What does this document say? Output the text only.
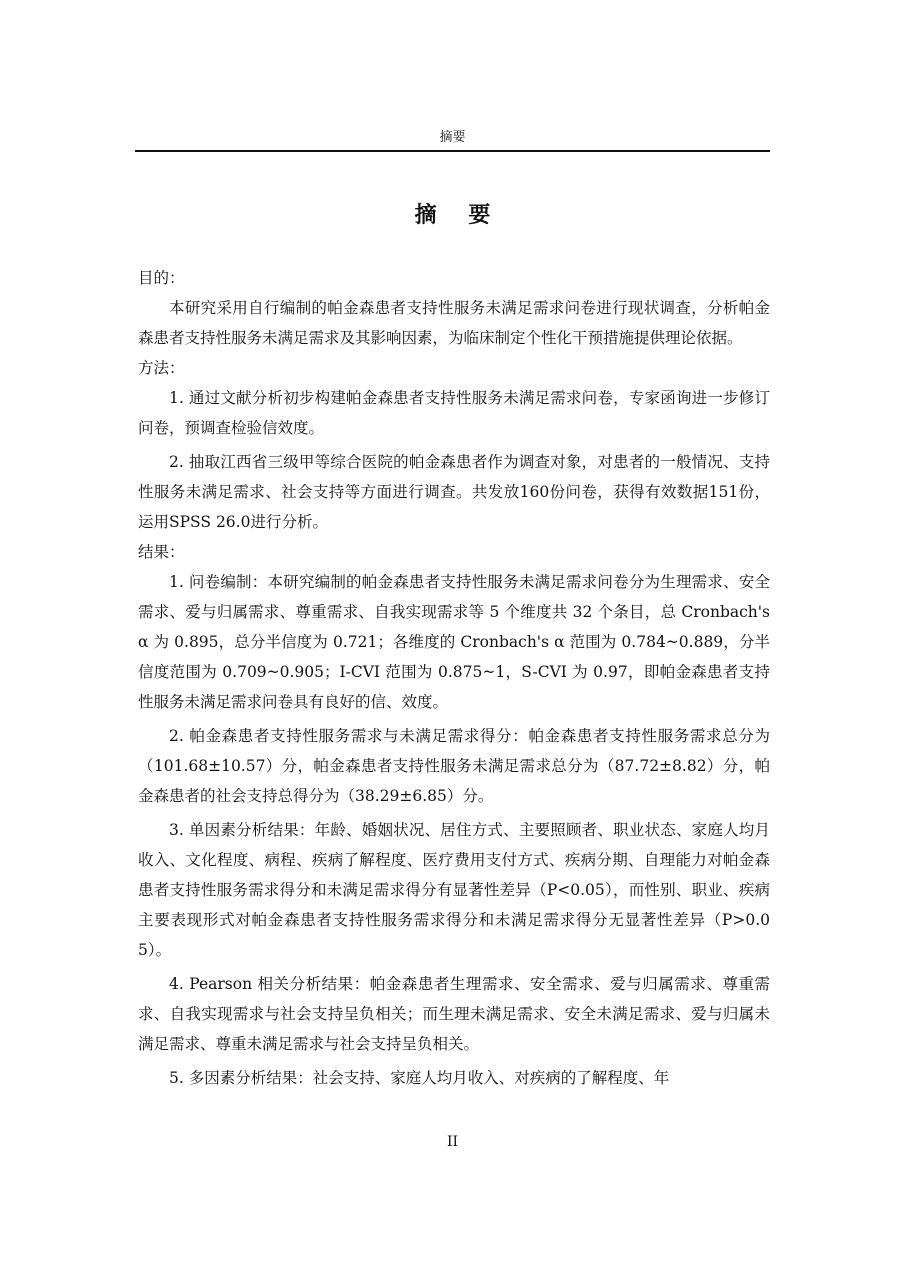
摘要
摘 要

目的：

本研究采用自行编制的帕金森患者支持性服务未满足需求问卷进行现状调查，分析帕金森患者支持性服务未满足需求及其影响因素，为临床制定个性化干预措施提供理论依据。

方法：

1. 通过文献分析初步构建帕金森患者支持性服务未满足需求问卷，专家函询进一步修订问卷，预调查检验信效度。

2. 抽取江西省三级甲等综合医院的帕金森患者作为调查对象，对患者的一般情况、支持性服务未满足需求、社会支持等方面进行调查。共发放160份问卷，获得有效数据151份，运用SPSS 26.0进行分析。

结果：

1. 问卷编制：本研究编制的帕金森患者支持性服务未满足需求问卷分为生理需求、安全需求、爱与归属需求、尊重需求、自我实现需求等 5 个维度共 32 个条目，总 Cronbach's α 为 0.895，总分半信度为 0.721；各维度的 Cronbach's α 范围为 0.784~0.889，分半信度范围为 0.709~0.905；I-CVI 范围为 0.875~1，S-CVI 为 0.97，即帕金森患者支持性服务未满足需求问卷具有良好的信、效度。

2. 帕金森患者支持性服务需求与未满足需求得分：帕金森患者支持性服务需求总分为（101.68±10.57）分，帕金森患者支持性服务未满足需求总分为（87.72±8.82）分，帕金森患者的社会支持总得分为（38.29±6.85）分。

3. 单因素分析结果：年龄、婚姻状况、居住方式、主要照顾者、职业状态、家庭人均月收入、文化程度、病程、疾病了解程度、医疗费用支付方式、疾病分期、自理能力对帕金森患者支持性服务需求得分和未满足需求得分有显著性差异（P<0.05），而性别、职业、疾病主要表现形式对帕金森患者支持性服务需求得分和未满足需求得分无显著性差异（P>0.05）。

4. Pearson 相关分析结果：帕金森患者生理需求、安全需求、爱与归属需求、尊重需求、自我实现需求与社会支持呈负相关；而生理未满足需求、安全未满足需求、爱与归属未满足需求、尊重未满足需求与社会支持呈负相关。

5. 多因素分析结果：社会支持、家庭人均月收入、对疾病的了解程度、年

II
